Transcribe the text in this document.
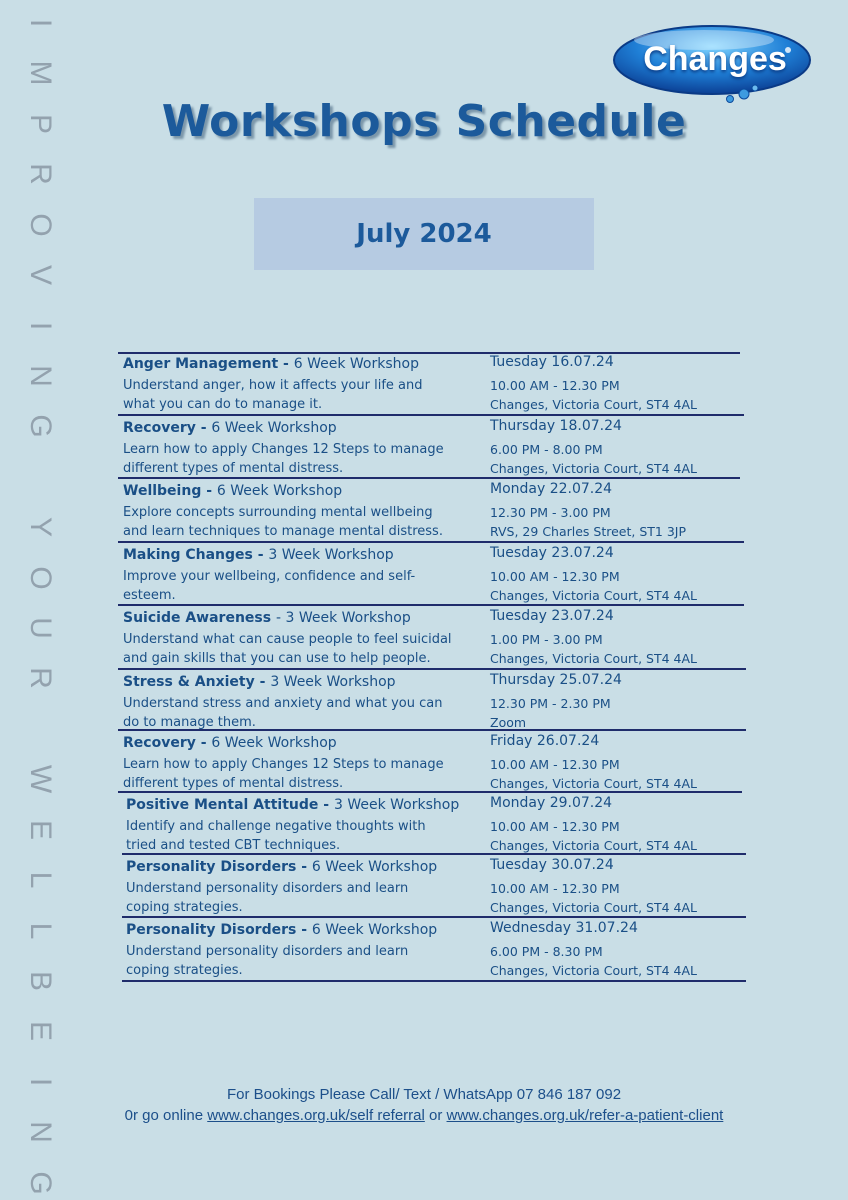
I
M
P
R
O
V
I
N
G
Y
O
U
R
W
E
L
L
B
E
I
N
G
Changes
Workshops Schedule
July 2024
Anger Management - 6 Week Workshop
Understand anger, how it affects your life and
what you can do to manage it.
Tuesday 16.07.24
10.00 AM - 12.30 PM
Changes, Victoria Court, ST4 4AL
Recovery - 6 Week Workshop
Learn how to apply Changes 12 Steps to manage
different types of mental distress.
Thursday 18.07.24
6.00 PM - 8.00 PM
Changes, Victoria Court, ST4 4AL
Wellbeing - 6 Week Workshop
Explore concepts surrounding mental wellbeing
and learn techniques to manage mental distress.
Monday 22.07.24
12.30 PM - 3.00 PM
RVS, 29 Charles Street, ST1 3JP
Making Changes - 3 Week Workshop
Improve your wellbeing, confidence and self-
esteem.
Tuesday 23.07.24
10.00 AM - 12.30 PM
Changes, Victoria Court, ST4 4AL
Suicide Awareness - 3 Week Workshop
Understand what can cause people to feel suicidal
and gain skills that you can use to help people.
Tuesday 23.07.24
1.00 PM - 3.00 PM
Changes, Victoria Court, ST4 4AL
Stress & Anxiety - 3 Week Workshop
Understand stress and anxiety and what you can
do to manage them.
Thursday 25.07.24
12.30 PM - 2.30 PM
Zoom
Recovery - 6 Week Workshop
Learn how to apply Changes 12 Steps to manage
different types of mental distress.
Friday 26.07.24
10.00 AM - 12.30 PM
Changes, Victoria Court, ST4 4AL
Positive Mental Attitude - 3 Week Workshop
Identify and challenge negative thoughts with
tried and tested CBT techniques.
Monday 29.07.24
10.00 AM - 12.30 PM
Changes, Victoria Court, ST4 4AL
Personality Disorders - 6 Week Workshop
Understand personality disorders and learn
coping strategies.
Tuesday 30.07.24
10.00 AM - 12.30 PM
Changes, Victoria Court, ST4 4AL
Personality Disorders - 6 Week Workshop
Understand personality disorders and learn
coping strategies.
Wednesday 31.07.24
6.00 PM - 8.30 PM
Changes, Victoria Court, ST4 4AL
For Bookings Please Call/ Text / WhatsApp 07 846 187 092
0r go online www.changes.org.uk/self referral or www.changes.org.uk/refer-a-patient-client
